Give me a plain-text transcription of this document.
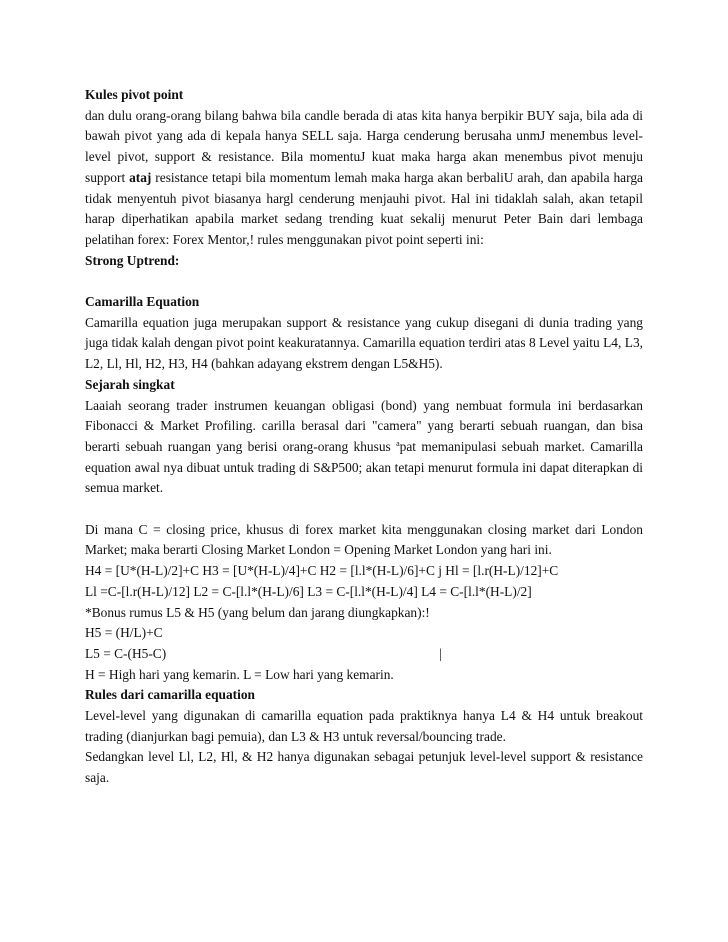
Kules pivot point

dan dulu orang-orang bilang bahwa bila candle berada di atas kita hanya berpikir BUY saja, bila ada di bawah pivot yang ada di kepala hanya SELL saja. Harga cenderung berusaha unmJ menembus level-level pivot, support & resistance. Bila momentuJ kuat maka harga akan menembus pivot menuju support ataj resistance tetapi bila momentum lemah maka harga akan berbaliU arah, dan apabila harga tidak menyentuh pivot biasanya hargl cenderung menjauhi pivot. Hal ini tidaklah salah, akan tetapil harap diperhatikan apabila market sedang trending kuat sekalij menurut Peter Bain dari lembaga pelatihan forex: Forex Mentor,! rules menggunakan pivot point seperti ini:

Strong Uptrend:

Camarilla Equation

Camarilla equation juga merupakan support & resistance yang cukup disegani di dunia trading yang juga tidak kalah dengan pivot point keakuratannya. Camarilla equation terdiri atas 8 Level yaitu L4, L3, L2, Ll, Hl, H2, H3, H4 (bahkan adayang ekstrem dengan L5&H5).

Sejarah singkat

Laaiah seorang trader instrumen keuangan obligasi (bond) yang nembuat formula ini berdasarkan Fibonacci & Market Profiling. carilla berasal dari "camera" yang berarti sebuah ruangan, dan bisa berarti sebuah ruangan yang berisi orang-orang khusus $^a$pat memanipulasi sebuah market. Camarilla equation awal nya dibuat untuk trading di S&P500; akan tetapi menurut formula ini dapat diterapkan di semua market.

Di mana C = closing price, khusus di forex market kita menggunakan closing market dari London Market; maka berarti Closing Market London = Opening Market London yang hari ini.

H4 = [U*(H-L)/2]+C H3 = [U*(H-L)/4]+C H2 = [l.l*(H-L)/6]+C j Hl = [l.r(H-L)/12]+C

Ll =C-[l.r(H-L)/12] L2 = C-[l.l*(H-L)/6] L3 = C-[l.l*(H-L)/4] L4 = C-[l.l*(H-L)/2]

*Bonus rumus L5 & H5 (yang belum dan jarang diungkapkan):!

H5 = (H/L)+C

L5 = C-(H5-C)	|

H = High hari yang kemarin. L = Low hari yang kemarin.

Rules dari camarilla equation

Level-level yang digunakan di camarilla equation pada praktiknya hanya L4 & H4 untuk breakout trading (dianjurkan bagi pemuia), dan L3 & H3 untuk reversal/bouncing trade.

Sedangkan level Ll, L2, Hl, & H2 hanya digunakan sebagai petunjuk level-level support & resistance saja.
